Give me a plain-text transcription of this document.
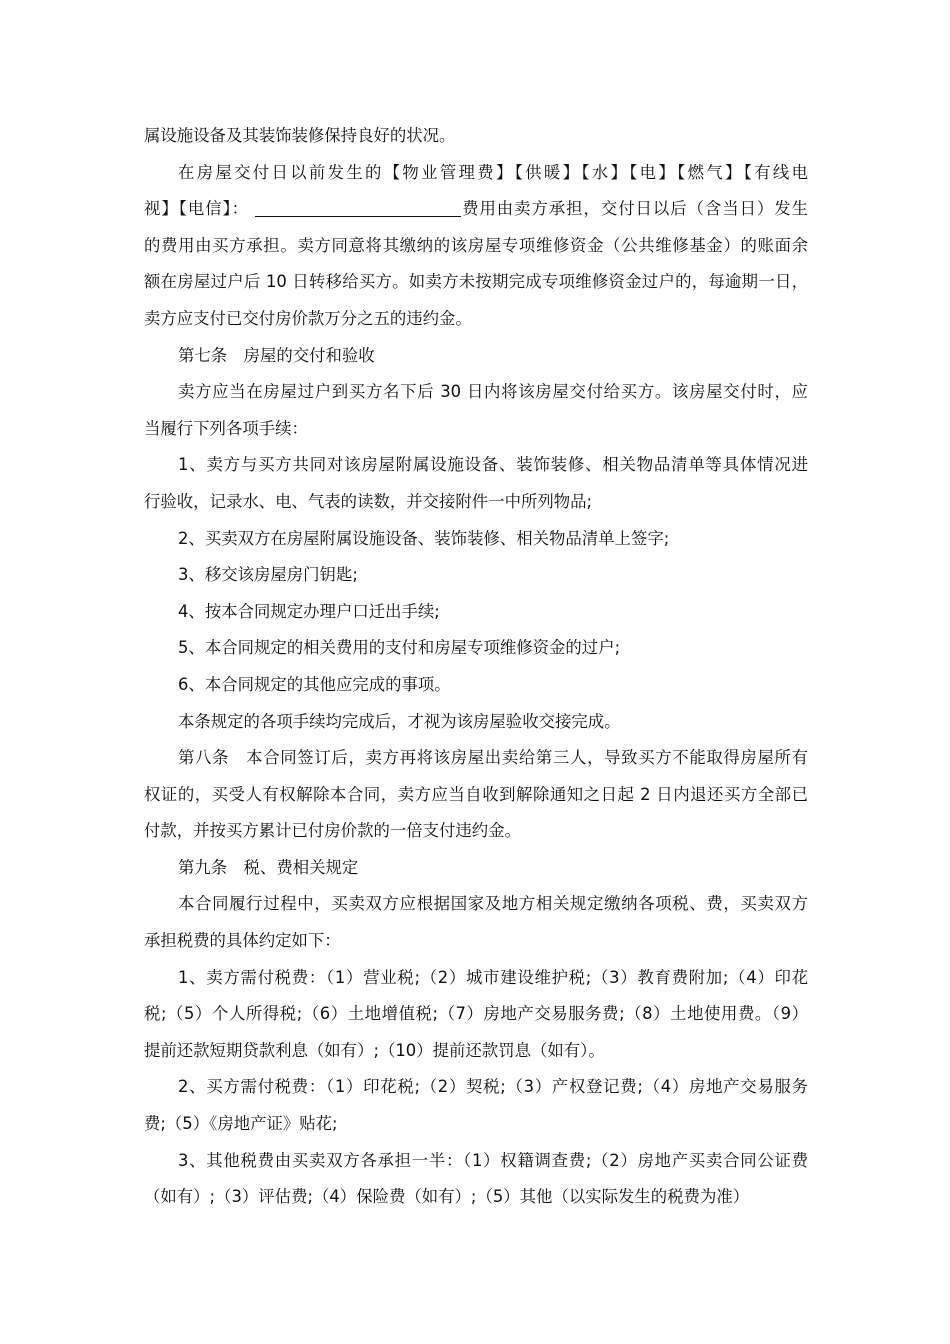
属设施设备及其装饰装修保持良好的状况。
在房屋交付日以前发生的【物业管理费】【供暖】【水】【电】【燃气】【有线电
视】【电信】：	费用由卖方承担，交付日以后（含当日）发生
的费用由买方承担。卖方同意将其缴纳的该房屋专项维修资金（公共维修基金）的账面余
额在房屋过户后 10 日转移给买方。如卖方未按期完成专项维修资金过户的，每逾期一日，
卖方应支付已交付房价款万分之五的违约金。
第七条　房屋的交付和验收
卖方应当在房屋过户到买方名下后 30 日内将该房屋交付给买方。该房屋交付时，应
当履行下列各项手续：
1、卖方与买方共同对该房屋附属设施设备、装饰装修、相关物品清单等具体情况进
行验收，记录水、电、气表的读数，并交接附件一中所列物品;
2、买卖双方在房屋附属设施设备、装饰装修、相关物品清单上签字;
3、移交该房屋房门钥匙;
4、按本合同规定办理户口迁出手续;
5、本合同规定的相关费用的支付和房屋专项维修资金的过户;
6、本合同规定的其他应完成的事项。
本条规定的各项手续均完成后，才视为该房屋验收交接完成。
第八条　本合同签订后，卖方再将该房屋出卖给第三人，导致买方不能取得房屋所有
权证的，买受人有权解除本合同，卖方应当自收到解除通知之日起 2 日内退还买方全部已
付款，并按买方累计已付房价款的一倍支付违约金。
第九条　税、费相关规定
本合同履行过程中，买卖双方应根据国家及地方相关规定缴纳各项税、费，买卖双方
承担税费的具体约定如下：
1、卖方需付税费：（1）营业税;（2）城市建设维护税;（3）教育费附加;（4）印花
税;（5）个人所得税;（6）土地增值税;（7）房地产交易服务费;（8）土地使用费。（9）
提前还款短期贷款利息（如有）;（10）提前还款罚息（如有）。
2、买方需付税费：（1）印花税;（2）契税;（3）产权登记费;（4）房地产交易服务
费;（5）《房地产证》贴花;
3、其他税费由买卖双方各承担一半：（1）权籍调查费;（2）房地产买卖合同公证费
（如有）;（3）评估费;（4）保险费（如有）;（5）其他（以实际发生的税费为准）
